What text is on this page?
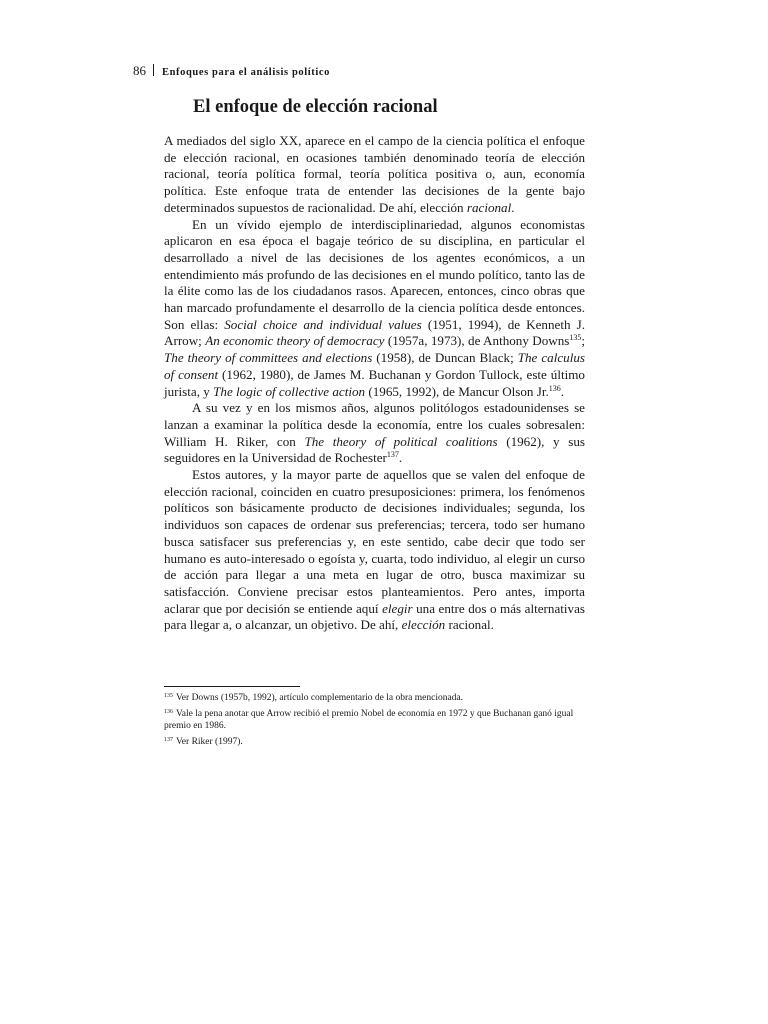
86 Enfoques para el análisis político
El enfoque de elección racional

A mediados del siglo XX, aparece en el campo de la ciencia política el enfoque de elección racional, en ocasiones también denominado teoría de elección racional, teoría política formal, teoría política positiva o, aun, economía política. Este enfoque trata de entender las decisiones de la gente bajo determinados supuestos de racionalidad. De ahí, elección racional.

En un vívido ejemplo de interdisciplinariedad, algunos economistas aplicaron en esa época el bagaje teórico de su disciplina, en particular el desarrollado a nivel de las decisiones de los agentes económicos, a un entendimiento más profundo de las decisiones en el mundo político, tanto las de la élite como las de los ciudadanos rasos. Aparecen, entonces, cinco obras que han marcado profundamente el desarrollo de la ciencia política desde entonces. Son ellas: Social choice and individual values (1951, 1994), de Kenneth J. Arrow; An economic theory of democracy (1957a, 1973), de Anthony Downs$^{135}$; The theory of committees and elections (1958), de Duncan Black; The calculus of consent (1962, 1980), de James M. Buchanan y Gordon Tullock, este último jurista, y The logic of collective action (1965, 1992), de Mancur Olson Jr.$^{136}$.

A su vez y en los mismos años, algunos politólogos estadounidenses se lanzan a examinar la política desde la economía, entre los cuales sobresalen: William H. Riker, con The theory of political coalitions (1962), y sus seguidores en la Universidad de Rochester$^{137}$.

Estos autores, y la mayor parte de aquellos que se valen del enfoque de elección racional, coinciden en cuatro presuposiciones: primera, los fenómenos políticos son básicamente producto de decisiones individuales; segunda, los individuos son capaces de ordenar sus preferencias; tercera, todo ser humano busca satisfacer sus preferencias y, en este sentido, cabe decir que todo ser humano es auto-interesado o egoísta y, cuarta, todo individuo, al elegir un curso de acción para llegar a una meta en lugar de otro, busca maximizar su satisfacción. Conviene precisar estos planteamientos. Pero antes, importa aclarar que por decisión se entiende aquí elegir una entre dos o más alternativas para llegar a, o alcanzar, un objetivo. De ahí, elección racional.

$^{135}$ Ver Downs (1957b, 1992), artículo complementario de la obra mencionada.

$^{136}$ Vale la pena anotar que Arrow recibió el premio Nobel de economía en 1972 y que Buchanan ganó igual premio en 1986.

$^{137}$ Ver Riker (1997).
